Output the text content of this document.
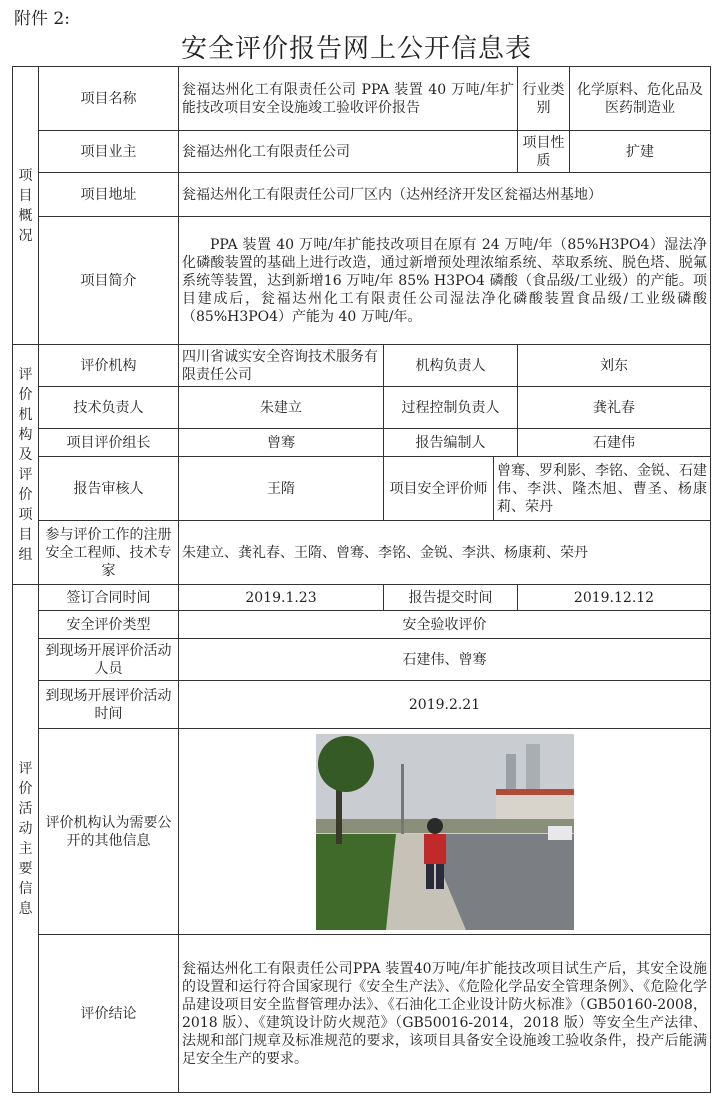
附件 2:
安全评价报告网上公开信息表
项目概况	项目名称	瓮福达州化工有限责任公司 PPA 装置 40 万吨/年扩能技改项目安全设施竣工验收评价报告			行业类别	化学原料、危化品及医药制造业
	项目业主	瓮福达州化工有限责任公司			项目性质	扩建
	项目地址	瓮福达州化工有限责任公司厂区内（达州经济开发区瓮福达州基地）				
	项目简介	PPA 装置 40 万吨/年扩能技改项目在原有 24 万吨/年（85%H3PO4）湿法净化磷酸装置的基础上进行改造，通过新增预处理浓缩系统、萃取系统、脱色塔、脱氟系统等装置，达到新增16 万吨/年 85% H3PO4 磷酸（食品级/工业级）的产能。项目建成后，瓮福达州化工有限责任公司湿法净化磷酸装置食品级/工业级磷酸（85%H3PO4）产能为 40 万吨/年。				

评价机构及评价项目组	评价机构	四川省诚实安全咨询技术服务有限责任公司	机构负责人		刘东	
	技术负责人	朱建立	过程控制负责人		龚礼春	
	项目评价组长	曾骞	报告编制人		石建伟	
	报告审核人	王隋	项目安全评价师	曾骞、罗利影、李铭、金锐、石建伟、李洪、隆杰旭、曹圣、杨康莉、荣丹		
	参与评价工作的注册安全工程师、技术专家	朱建立、龚礼春、王隋、曾骞、李铭、金锐、李洪、杨康莉、荣丹				

评价活动主要信息	签订合同时间	2019.1.23	报告提交时间		2019.12.12	
	安全评价类型	安全验收评价				
	到现场开展评价活动人员	石建伟、曾骞				
	到现场开展评价活动时间	2019.2.21				
	评价机构认为需要公开的其他信息	

	评价结论	瓮福达州化工有限责任公司PPA 装置40万吨/年扩能技改项目试生产后，其安全设施的设置和运行符合国家现行《安全生产法》、《危险化学品安全管理条例》、《危险化学品建设项目安全监督管理办法》、《石油化工企业设计防火标准》（GB50160-2008，2018 版）、《建筑设计防火规范》（GB50016-2014，2018 版）等安全生产法律、法规和部门规章及标准规范的要求，该项目具备安全设施竣工验收条件，投产后能满足安全生产的要求。				
